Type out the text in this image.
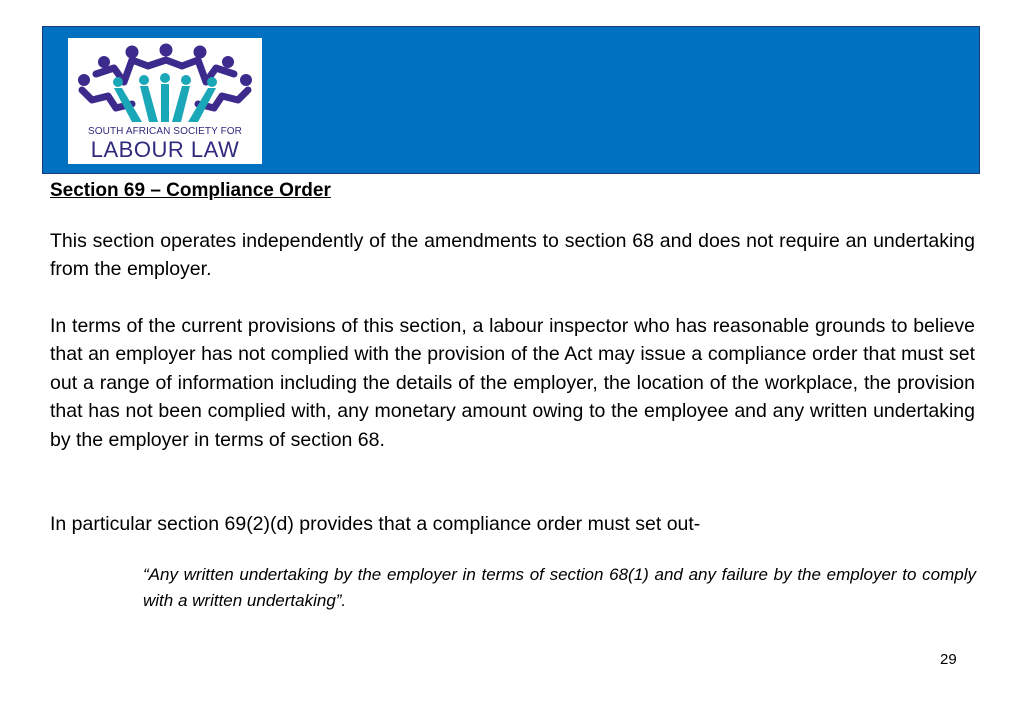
SOUTH AFRICAN SOCIETY FOR
LABOUR LAW
Section 69 – Compliance Order
This section operates independently of the amendments to section 68 and does not require an undertaking from the employer.
In terms of the current provisions of this section, a labour inspector who has reasonable grounds to believe that an employer has not complied with the provision of the Act may issue a compliance order that must set out a range of information including the details of the employer, the location of the workplace, the provision that has not been complied with, any monetary amount owing to the employee and any written undertaking by the employer in terms of section 68.
In particular section 69(2)(d) provides that a compliance order must set out-
“Any written undertaking by the employer in terms of section 68(1) and any failure by the employer to comply with a written undertaking”.
29
